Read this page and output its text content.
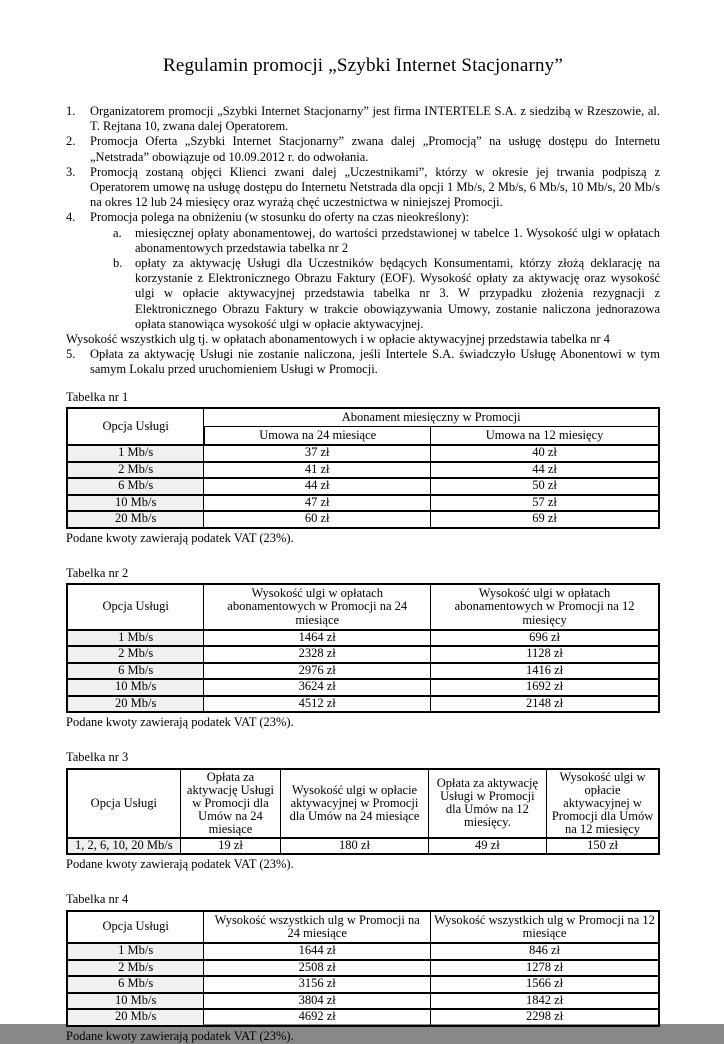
Regulamin promocji „Szybki Internet Stacjonarny”
1.	Organizatorem promocji „Szybki Internet Stacjonarny” jest firma INTERTELE S.A. z siedzibą w Rzeszowie, al. T. Rejtana 10, zwana dalej Operatorem.
2.	Promocja Oferta „Szybki Internet Stacjonarny” zwana dalej „Promocją” na usługę dostępu do Internetu „Netstrada” obowiązuje od 10.09.2012 r. do odwołania.
3.	Promocją zostaną objęci Klienci zwani dalej „Uczestnikami”, którzy w okresie jej trwania podpiszą z Operatorem umowę na usługę dostępu do Internetu Netstrada dla opcji 1 Mb/s, 2 Mb/s, 6 Mb/s, 10 Mb/s, 20 Mb/s na okres 12 lub 24 miesięcy oraz wyrażą chęć uczestnictwa w niniejszej Promocji.
4.	Promocja polega na obniżeniu (w stosunku do oferty na czas nieokreślony):
a.	miesięcznej opłaty abonamentowej, do wartości przedstawionej w tabelce 1. Wysokość ulgi w opłatach abonamentowych przedstawia tabelka nr 2
b.	opłaty za aktywację Usługi dla Uczestników będących Konsumentami, którzy złożą deklarację na korzystanie z Elektronicznego Obrazu Faktury (EOF). Wysokość opłaty za aktywację oraz wysokość ulgi w opłacie aktywacyjnej przedstawia tabelka nr 3. W przypadku złożenia rezygnacji z Elektronicznego Obrazu Faktury w trakcie obowiązywania Umowy, zostanie naliczona jednorazowa opłata stanowiąca wysokość ulgi w opłacie aktywacyjnej.
Wysokość wszystkich ulg tj. w opłatach abonamentowych i w opłacie aktywacyjnej przedstawia tabelka nr 4
5.	Opłata za aktywację Usługi nie zostanie naliczona, jeśli Intertele S.A. świadczyło Usługę Abonentowi w tym samym Lokalu przed uruchomieniem Usługi w Promocji.
Tabelka nr 1
Opcja Usługi	Abonament miesięczny w Promocji	
	Umowa na 24 miesiące	Umowa na 12 miesięcy
1 Mb/s	37 zł	40 zł
2 Mb/s	41 zł	44 zł
6 Mb/s	44 zł	50 zł
10 Mb/s	47 zł	57 zł
20 Mb/s	60 zł	69 zł
Podane kwoty zawierają podatek VAT (23%).
Tabelka nr 2
Opcja Usługi	Wysokość ulgi w opłatach abonamentowych w Promocji na 24 miesiące	Wysokość ulgi w opłatach abonamentowych w Promocji na 12 miesięcy
1 Mb/s	1464 zł	696 zł
2 Mb/s	2328 zł	1128 zł
6 Mb/s	2976 zł	1416 zł
10 Mb/s	3624 zł	1692 zł
20 Mb/s	4512 zł	2148 zł
Podane kwoty zawierają podatek VAT (23%).
Tabelka nr 3
Opcja Usługi	Opłata za aktywację Usługi w Promocji dla Umów na 24 miesiące	Wysokość ulgi w opłacie aktywacyjnej w Promocji dla Umów na 24 miesiące	Opłata za aktywację Usługi w Promocji dla Umów na 12 miesięcy.	Wysokość ulgi w opłacie aktywacyjnej w Promocji dla Umów na 12 miesięcy
1, 2, 6, 10, 20 Mb/s	19 zł	180 zł	49 zł	150 zł
Podane kwoty zawierają podatek VAT (23%).
Tabelka nr 4
Opcja Usługi	Wysokość wszystkich ulg w Promocji na 24 miesiące	Wysokość wszystkich ulg w Promocji na 12 miesiące
1 Mb/s	1644 zł	846 zł
2 Mb/s	2508 zł	1278 zł
6 Mb/s	3156 zł	1566 zł
10 Mb/s	3804 zł	1842 zł
20 Mb/s	4692 zł	2298 zł
Podane kwoty zawierają podatek VAT (23%).
